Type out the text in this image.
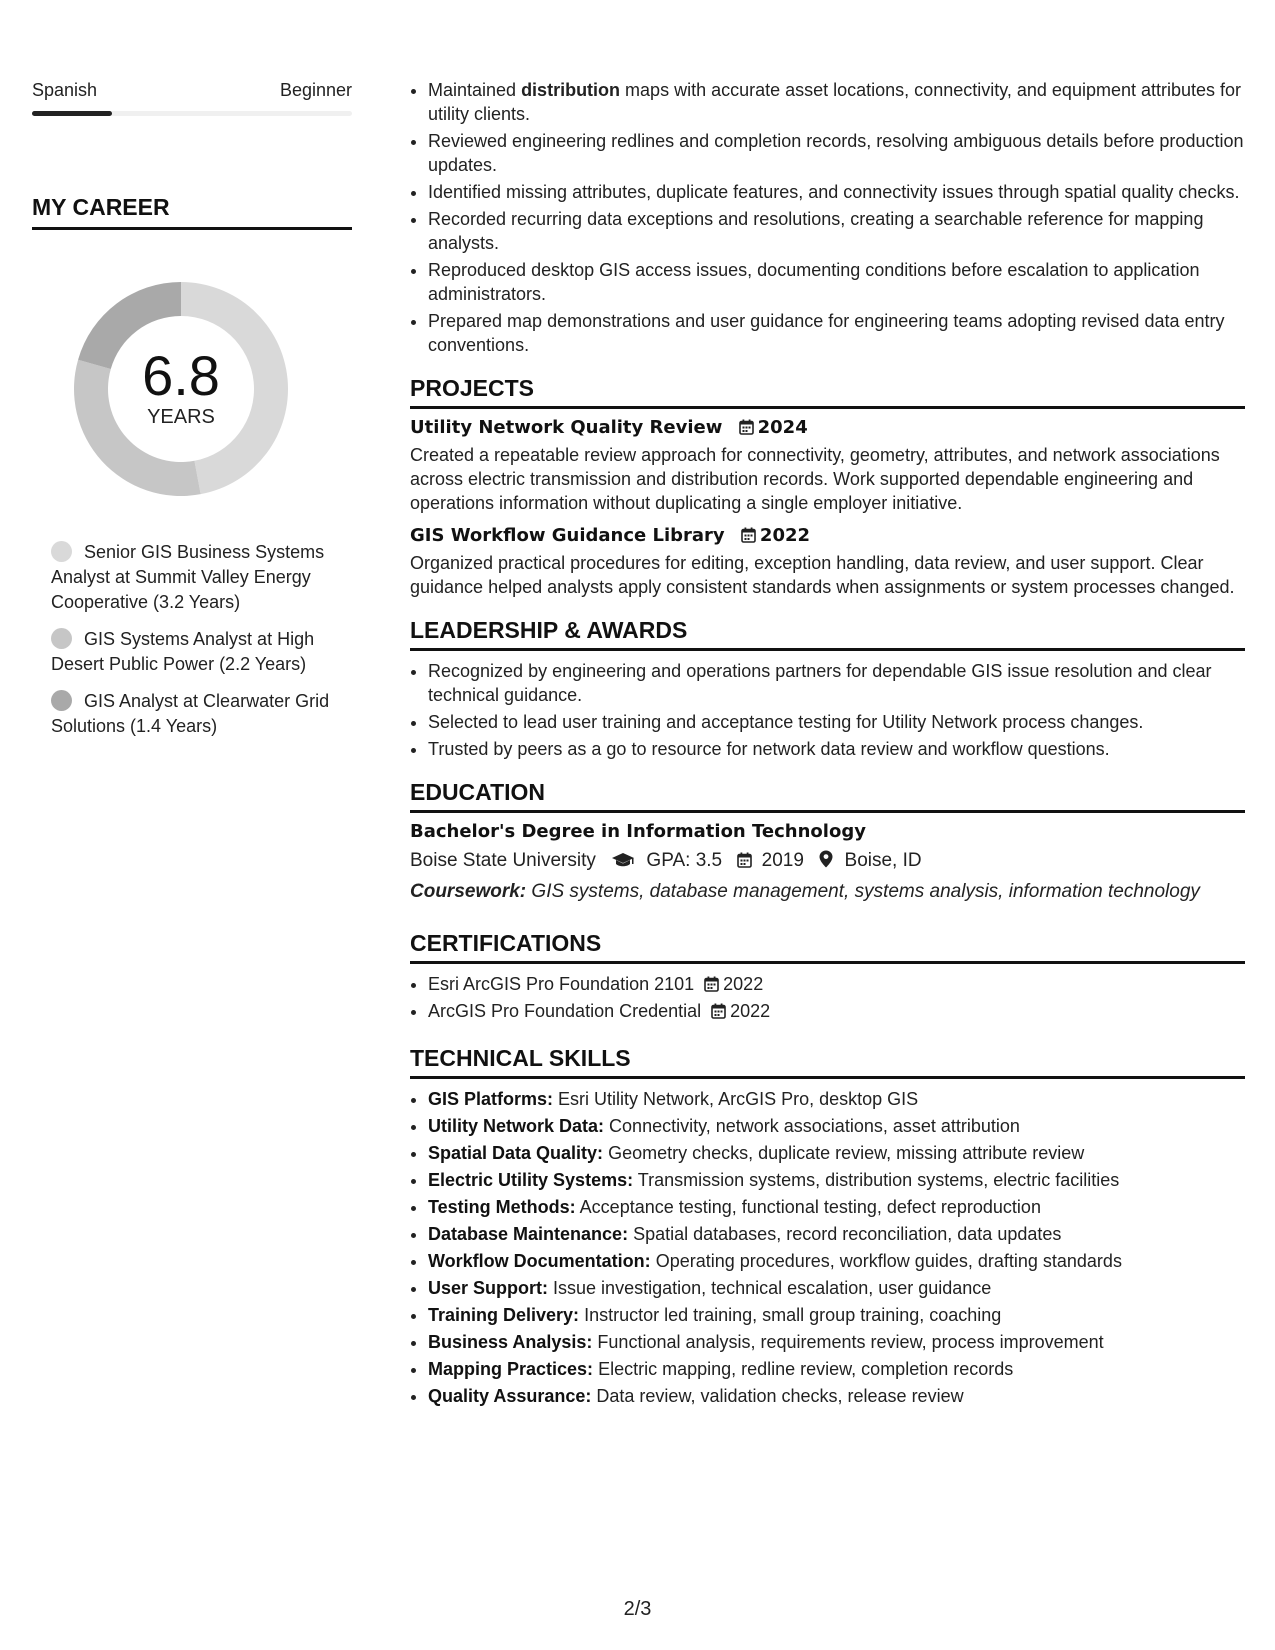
Spanish	Beginner
MY CAREER
6.8
YEARS
Senior GIS Business Systems Analyst at Summit Valley Energy Cooperative (3.2 Years)
GIS Systems Analyst at High Desert Public Power (2.2 Years)
GIS Analyst at Clearwater Grid Solutions (1.4 Years)
• Maintained distribution maps with accurate asset locations, connectivity, and equipment attributes for utility clients.
• Reviewed engineering redlines and completion records, resolving ambiguous details before production updates.
• Identified missing attributes, duplicate features, and connectivity issues through spatial quality checks.
• Recorded recurring data exceptions and resolutions, creating a searchable reference for mapping analysts.
• Reproduced desktop GIS access issues, documenting conditions before escalation to application administrators.
• Prepared map demonstrations and user guidance for engineering teams adopting revised data entry conventions.
PROJECTS
Utility Network Quality Review 2024
Created a repeatable review approach for connectivity, geometry, attributes, and network associations across electric transmission and distribution records. Work supported dependable engineering and operations information without duplicating a single employer initiative.
GIS Workflow Guidance Library 2022
Organized practical procedures for editing, exception handling, data review, and user support. Clear guidance helped analysts apply consistent standards when assignments or system processes changed.
LEADERSHIP & AWARDS
• Recognized by engineering and operations partners for dependable GIS issue resolution and clear technical guidance.
• Selected to lead user training and acceptance testing for Utility Network process changes.
• Trusted by peers as a go to resource for network data review and workflow questions.
EDUCATION
Bachelor's Degree in Information Technology
Boise State University	GPA: 3.5 2019 Boise, ID
Coursework: GIS systems, database management, systems analysis, information technology
CERTIFICATIONS
• Esri ArcGIS Pro Foundation 2101 2022
• ArcGIS Pro Foundation Credential 2022
TECHNICAL SKILLS
• GIS Platforms: Esri Utility Network, ArcGIS Pro, desktop GIS
• Utility Network Data: Connectivity, network associations, asset attribution
• Spatial Data Quality: Geometry checks, duplicate review, missing attribute review
• Electric Utility Systems: Transmission systems, distribution systems, electric facilities
• Testing Methods: Acceptance testing, functional testing, defect reproduction
• Database Maintenance: Spatial databases, record reconciliation, data updates
• Workflow Documentation: Operating procedures, workflow guides, drafting standards
• User Support: Issue investigation, technical escalation, user guidance
• Training Delivery: Instructor led training, small group training, coaching
• Business Analysis: Functional analysis, requirements review, process improvement
• Mapping Practices: Electric mapping, redline review, completion records
• Quality Assurance: Data review, validation checks, release review
2/3
